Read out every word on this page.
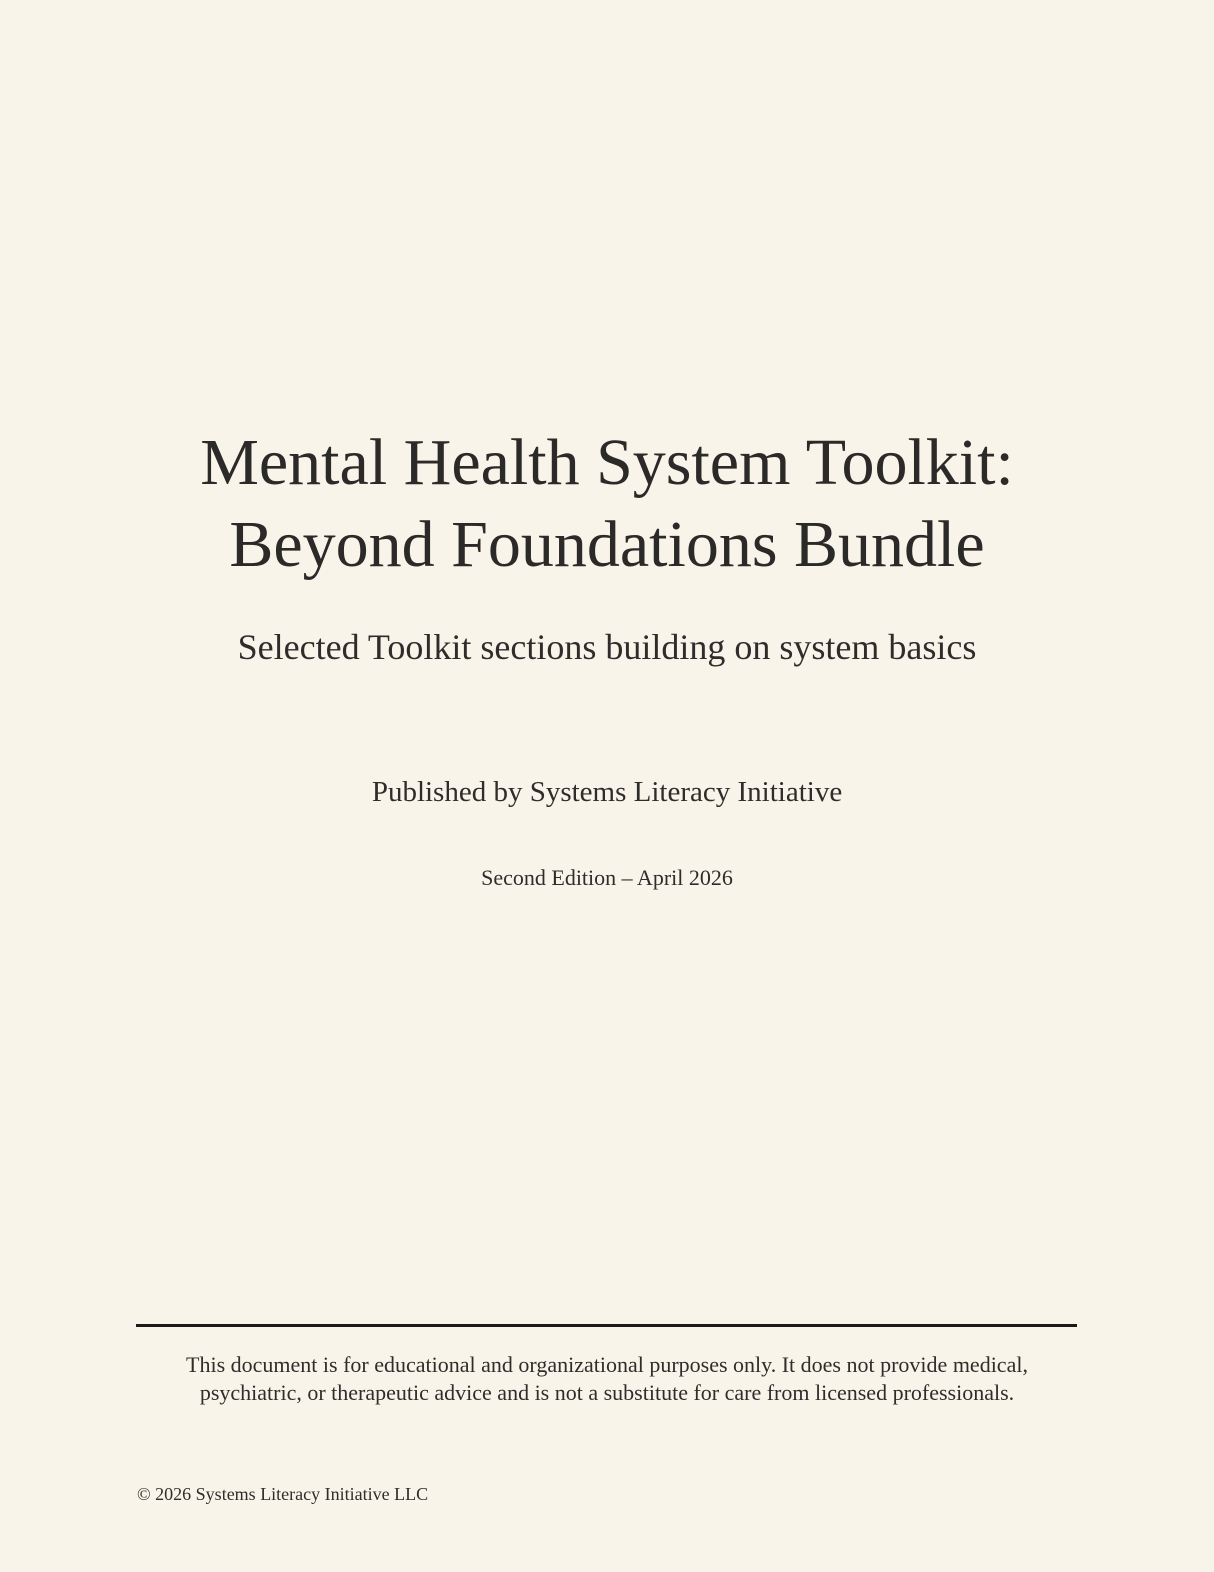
Mental Health System Toolkit:
Beyond Foundations Bundle

Selected Toolkit sections building on system basics

Published by Systems Literacy Initiative

Second Edition – April 2026

This document is for educational and organizational purposes only. It does not provide medical,
psychiatric, or therapeutic advice and is not a substitute for care from licensed professionals.

© 2026 Systems Literacy Initiative LLC
